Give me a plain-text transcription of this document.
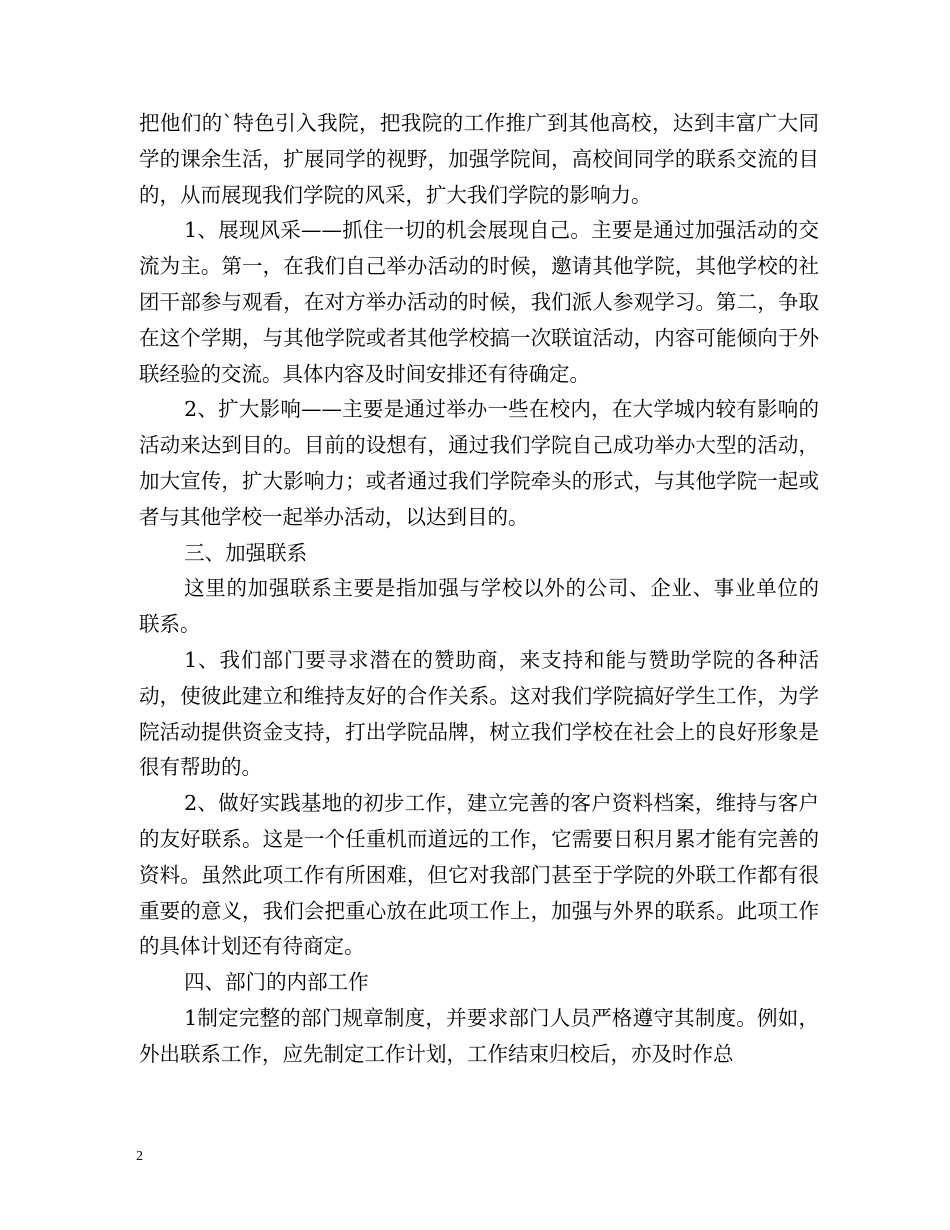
把他们的`特色引入我院，把我院的工作推广到其他高校，达到丰富广大同学的课余生活，扩展同学的视野，加强学院间，高校间同学的联系交流的目的，从而展现我们学院的风采，扩大我们学院的影响力。

1、展现风采——抓住一切的机会展现自己。主要是通过加强活动的交流为主。第一，在我们自己举办活动的时候，邀请其他学院，其他学校的社团干部参与观看，在对方举办活动的时候，我们派人参观学习。第二，争取在这个学期，与其他学院或者其他学校搞一次联谊活动，内容可能倾向于外联经验的交流。具体内容及时间安排还有待确定。

2、扩大影响——主要是通过举办一些在校内，在大学城内较有影响的活动来达到目的。目前的设想有，通过我们学院自己成功举办大型的活动，加大宣传，扩大影响力；或者通过我们学院牵头的形式，与其他学院一起或者与其他学校一起举办活动，以达到目的。

三、加强联系

这里的加强联系主要是指加强与学校以外的公司、企业、事业单位的联系。

1、我们部门要寻求潜在的赞助商，来支持和能与赞助学院的各种活动，使彼此建立和维持友好的合作关系。这对我们学院搞好学生工作，为学院活动提供资金支持，打出学院品牌，树立我们学校在社会上的良好形象是很有帮助的。

2、做好实践基地的初步工作，建立完善的客户资料档案，维持与客户的友好联系。这是一个任重机而道远的工作，它需要日积月累才能有完善的资料。虽然此项工作有所困难，但它对我部门甚至于学院的外联工作都有很重要的意义，我们会把重心放在此项工作上，加强与外界的联系。此项工作的具体计划还有待商定。

四、部门的内部工作

1制定完整的部门规章制度，并要求部门人员严格遵守其制度。例如，外出联系工作，应先制定工作计划，工作结束归校后，亦及时作总

2
